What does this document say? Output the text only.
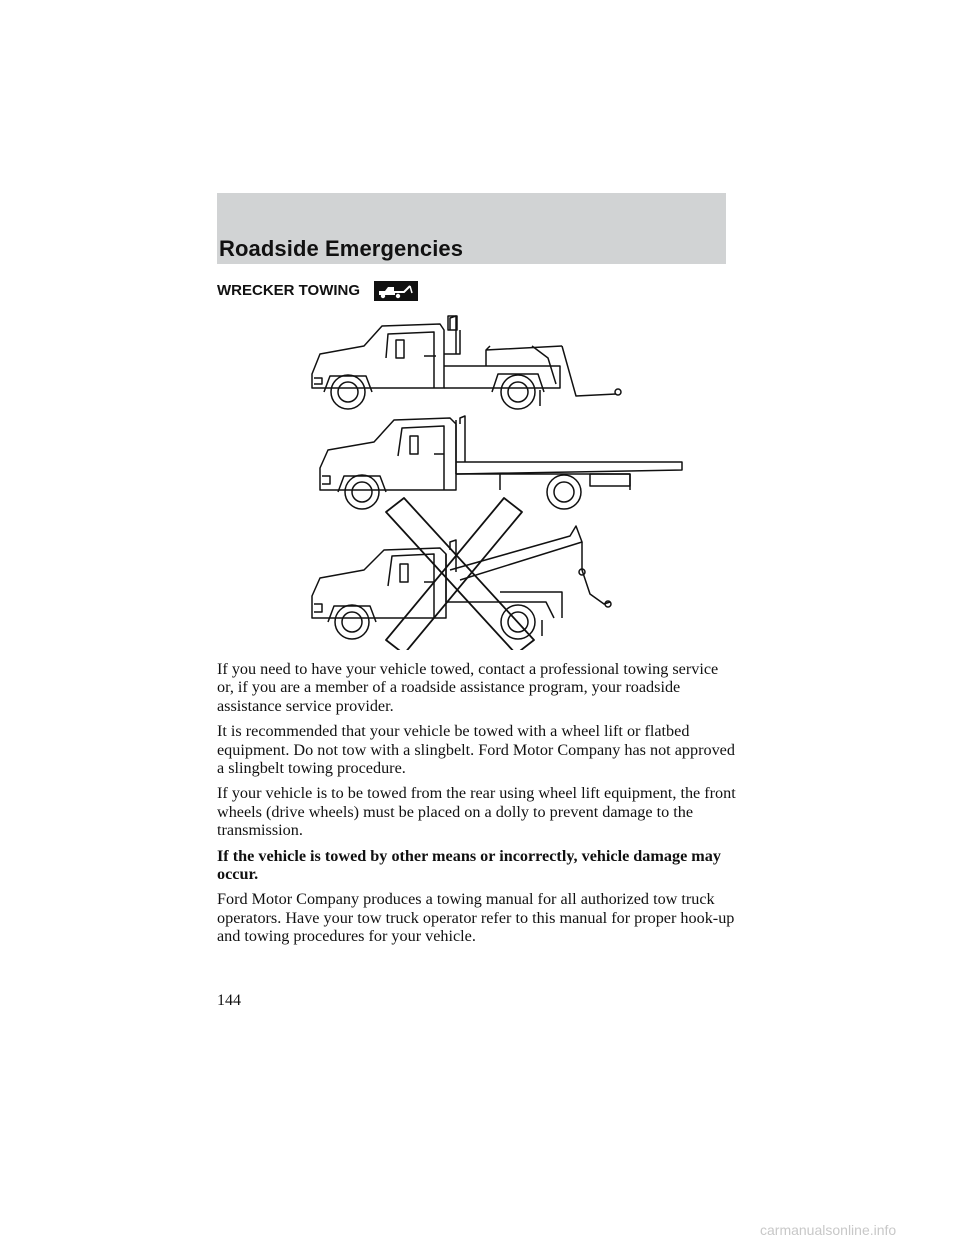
Roadside Emergencies
WRECKER TOWING

If you need to have your vehicle towed, contact a professional towing service or, if you are a member of a roadside assistance program, your roadside assistance service provider.

It is recommended that your vehicle be towed with a wheel lift or flatbed equipment. Do not tow with a slingbelt. Ford Motor Company has not approved a slingbelt towing procedure.

If your vehicle is to be towed from the rear using wheel lift equipment, the front wheels (drive wheels) must be placed on a dolly to prevent damage to the transmission.

If the vehicle is towed by other means or incorrectly, vehicle damage may occur.

Ford Motor Company produces a towing manual for all authorized tow truck operators. Have your tow truck operator refer to this manual for proper hook-up and towing procedures for your vehicle.

144
carmanualsonline.info
